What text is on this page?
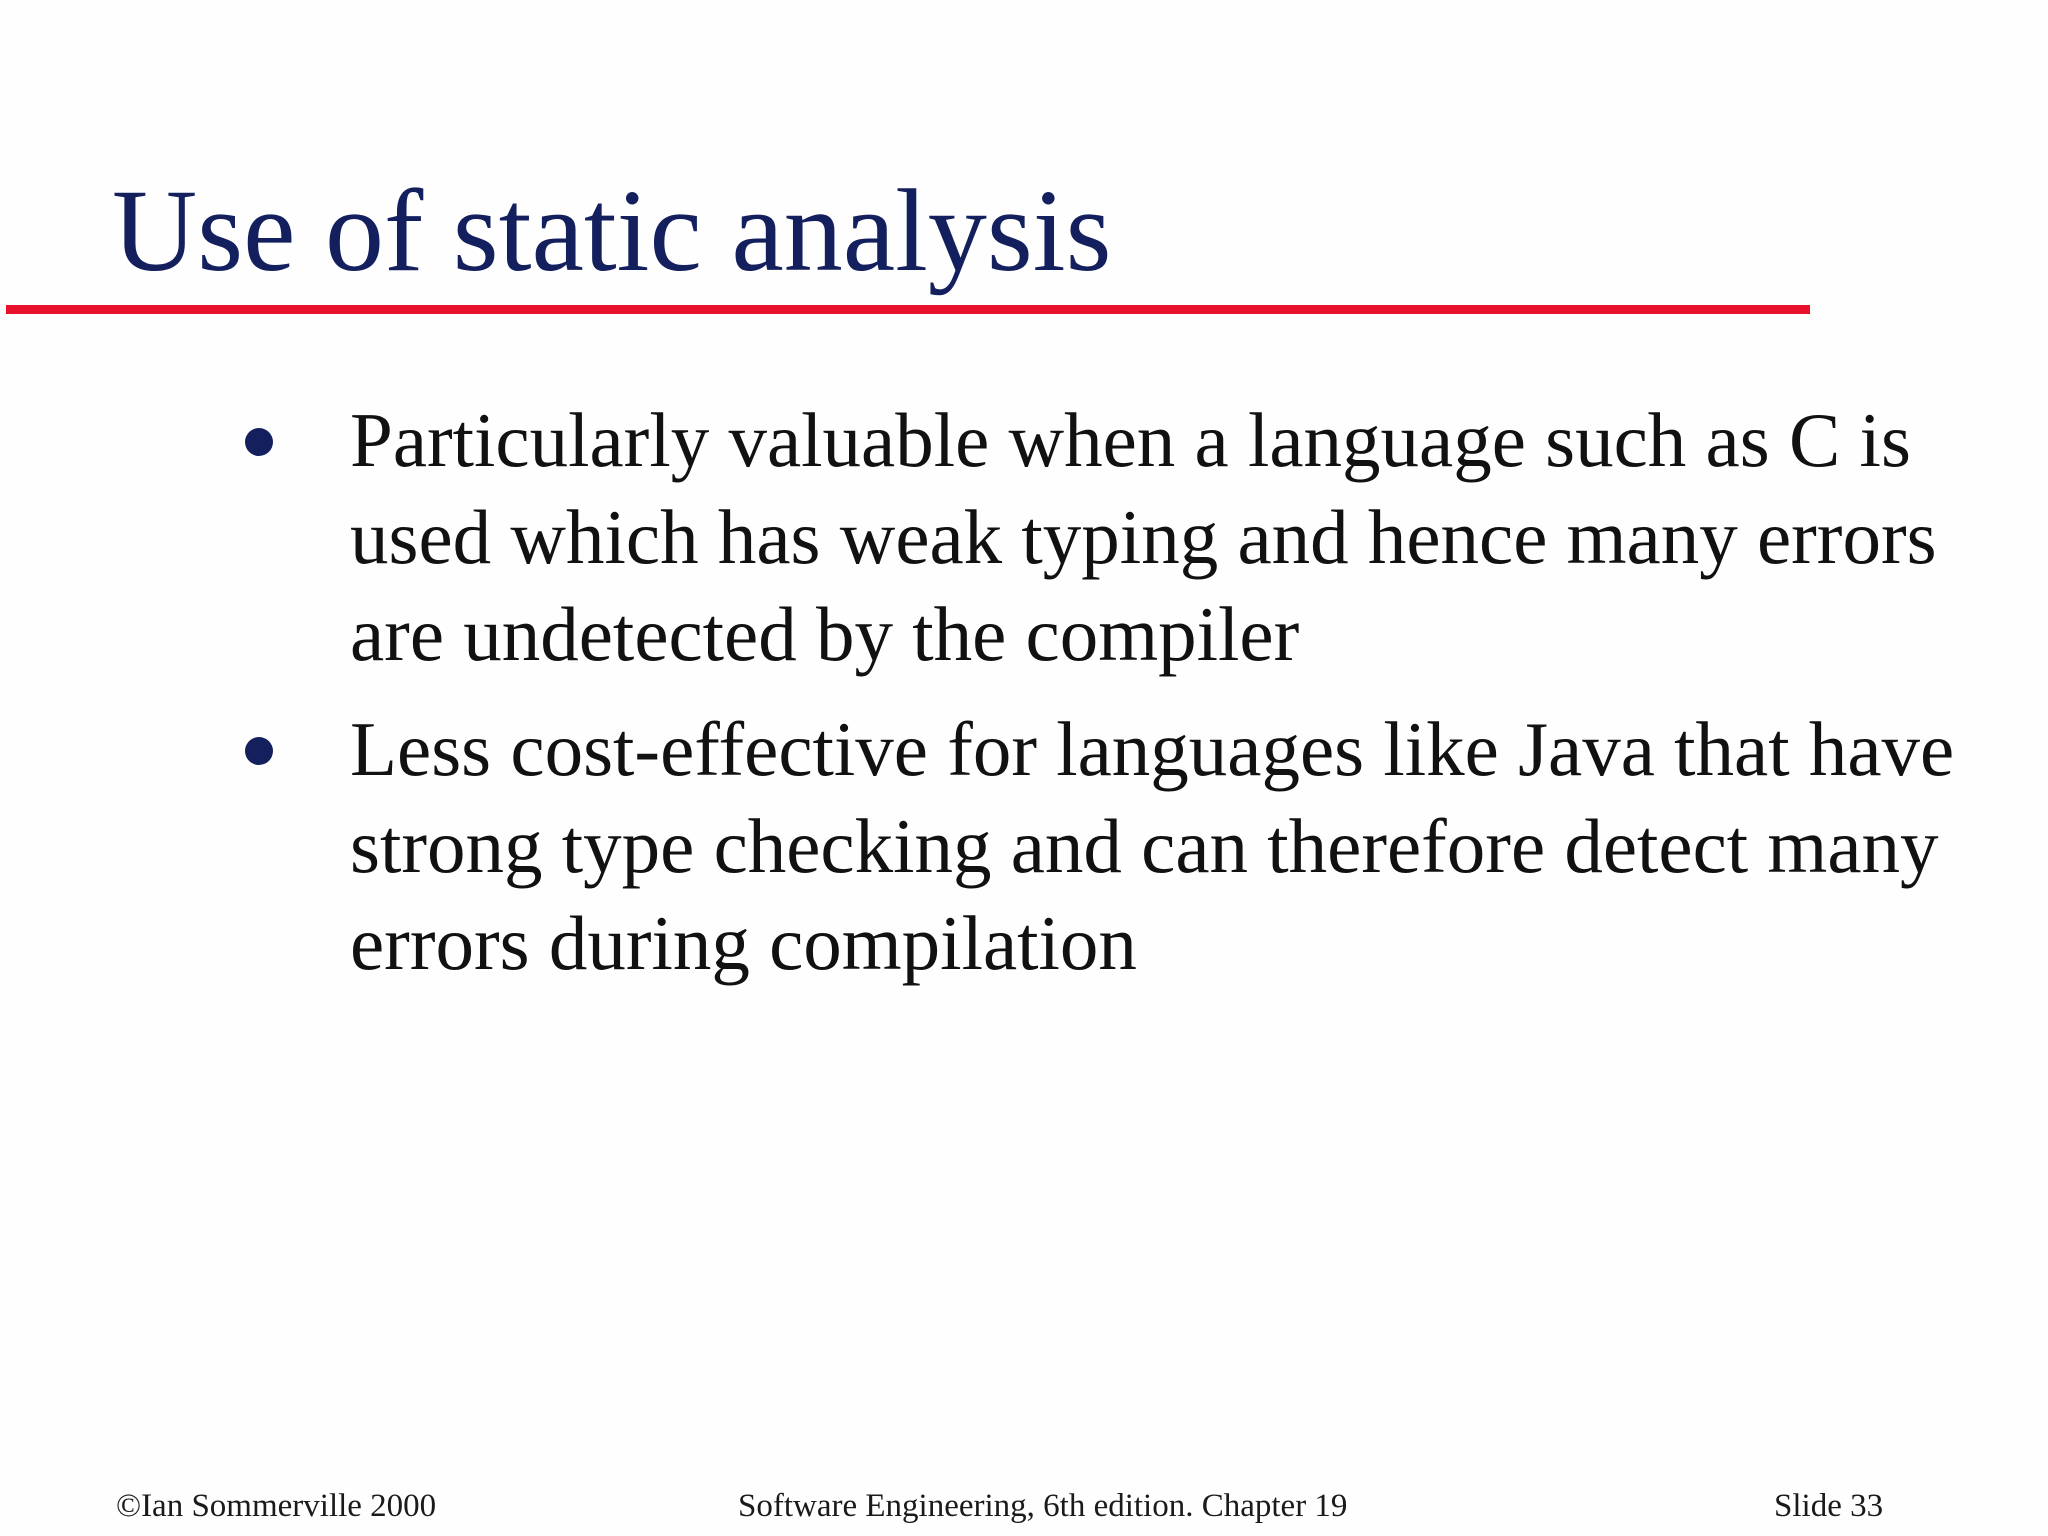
Use of static analysis
Particularly valuable when a language such as C is used which has weak typing and hence many errors are undetected by the compiler
Less cost-effective for languages like Java that have strong type checking and can therefore detect many errors during compilation
©Ian Sommerville 2000	Software Engineering, 6th edition. Chapter 19	Slide 33
